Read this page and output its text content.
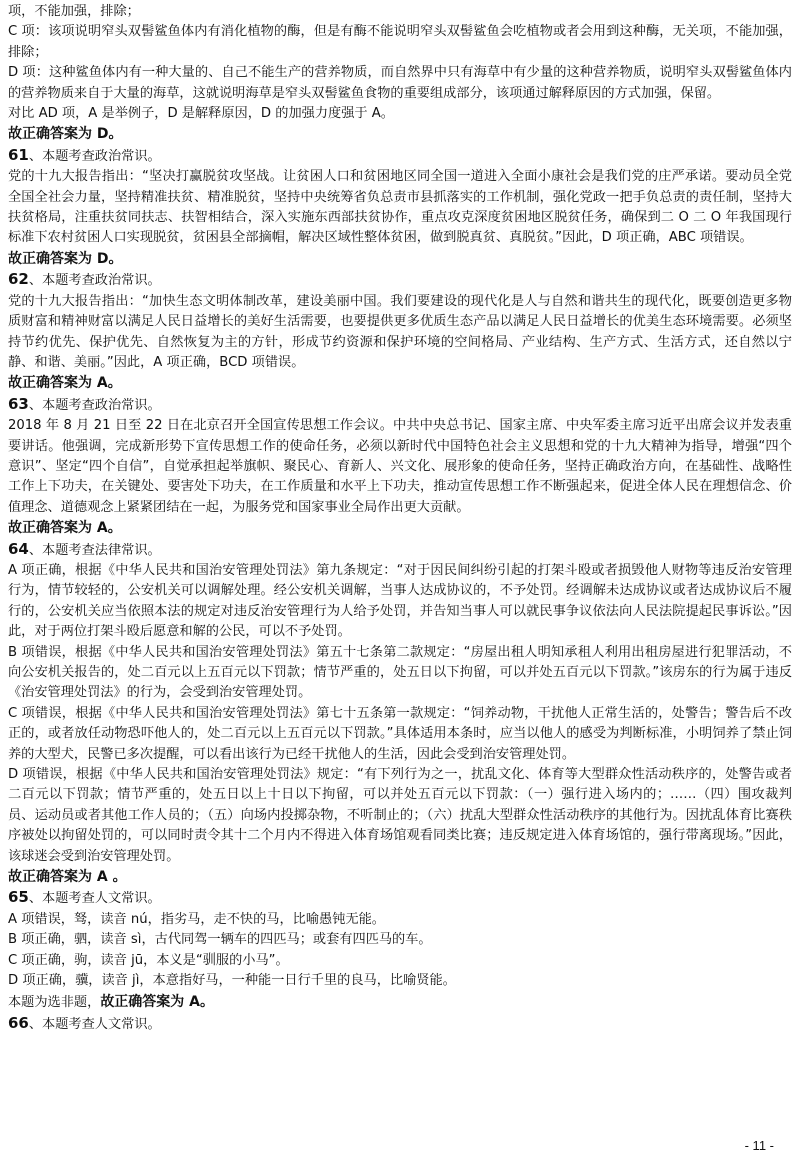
项，不能加强，排除；

C 项：该项说明窄头双髻鲨鱼体内有消化植物的酶，但是有酶不能说明窄头双髻鲨鱼会吃植物或者会用到这种酶，无关项，不能加强，排除；

D 项：这种鲨鱼体内有一种大量的、自己不能生产的营养物质，而自然界中只有海草中有少量的这种营养物质，说明窄头双髻鲨鱼体内的营养物质来自于大量的海草，这就说明海草是窄头双髻鲨鱼食物的重要组成部分，该项通过解释原因的方式加强，保留。

对比 AD 项，A 是举例子，D 是解释原因，D 的加强力度强于 A。

故正确答案为 D。

61、本题考查政治常识。

党的十九大报告指出：“坚决打赢脱贫攻坚战。让贫困人口和贫困地区同全国一道进入全面小康社会是我们党的庄严承诺。要动员全党全国全社会力量，坚持精准扶贫、精准脱贫，坚持中央统筹省负总责市县抓落实的工作机制，强化党政一把手负总责的责任制，坚持大扶贫格局，注重扶贫同扶志、扶智相结合，深入实施东西部扶贫协作，重点攻克深度贫困地区脱贫任务，确保到二 O 二 O 年我国现行标准下农村贫困人口实现脱贫，贫困县全部摘帽，解决区域性整体贫困，做到脱真贫、真脱贫。”因此，D 项正确，ABC 项错误。

故正确答案为 D。

62、本题考查政治常识。

党的十九大报告指出：“加快生态文明体制改革，建设美丽中国。我们要建设的现代化是人与自然和谐共生的现代化，既要创造更多物质财富和精神财富以满足人民日益增长的美好生活需要，也要提供更多优质生态产品以满足人民日益增长的优美生态环境需要。必须坚持节约优先、保护优先、自然恢复为主的方针，形成节约资源和保护环境的空间格局、产业结构、生产方式、生活方式，还自然以宁静、和谐、美丽。”因此，A 项正确，BCD 项错误。

故正确答案为 A。

63、本题考查政治常识。

2018 年 8 月 21 日至 22 日在北京召开全国宣传思想工作会议。中共中央总书记、国家主席、中央军委主席习近平出席会议并发表重要讲话。他强调，完成新形势下宣传思想工作的使命任务，必须以新时代中国特色社会主义思想和党的十九大精神为指导，增强“四个意识”、坚定“四个自信”，自觉承担起举旗帜、聚民心、育新人、兴文化、展形象的使命任务，坚持正确政治方向，在基础性、战略性工作上下功夫，在关键处、要害处下功夫，在工作质量和水平上下功夫，推动宣传思想工作不断强起来，促进全体人民在理想信念、价值理念、道德观念上紧紧团结在一起，为服务党和国家事业全局作出更大贡献。

故正确答案为 A。

64、本题考查法律常识。

A 项正确，根据《中华人民共和国治安管理处罚法》第九条规定：“对于因民间纠纷引起的打架斗殴或者损毁他人财物等违反治安管理行为，情节较轻的，公安机关可以调解处理。经公安机关调解，当事人达成协议的，不予处罚。经调解未达成协议或者达成协议后不履行的，公安机关应当依照本法的规定对违反治安管理行为人给予处罚，并告知当事人可以就民事争议依法向人民法院提起民事诉讼。”因此，对于两位打架斗殴后愿意和解的公民，可以不予处罚。

B 项错误，根据《中华人民共和国治安管理处罚法》第五十七条第二款规定：“房屋出租人明知承租人利用出租房屋进行犯罪活动，不向公安机关报告的，处二百元以上五百元以下罚款；情节严重的，处五日以下拘留，可以并处五百元以下罚款。”该房东的行为属于违反《治安管理处罚法》的行为，会受到治安管理处罚。

C 项错误，根据《中华人民共和国治安管理处罚法》第七十五条第一款规定：“饲养动物，干扰他人正常生活的，处警告；警告后不改正的，或者放任动物恐吓他人的，处二百元以上五百元以下罚款。”具体适用本条时，应当以他人的感受为判断标准，小明饲养了禁止饲养的大型犬，民警已多次提醒，可以看出该行为已经干扰他人的生活，因此会受到治安管理处罚。

D 项错误，根据《中华人民共和国治安管理处罚法》规定：“有下列行为之一，扰乱文化、体育等大型群众性活动秩序的，处警告或者二百元以下罚款；情节严重的，处五日以上十日以下拘留，可以并处五百元以下罚款：（一）强行进入场内的；……（四）围攻裁判员、运动员或者其他工作人员的；（五）向场内投掷杂物，不听制止的；（六）扰乱大型群众性活动秩序的其他行为。因扰乱体育比赛秩序被处以拘留处罚的，可以同时责令其十二个月内不得进入体育场馆观看同类比赛；违反规定进入体育场馆的，强行带离现场。”因此，该球迷会受到治安管理处罚。

故正确答案为 A 。

65、本题考查人文常识。

A 项错误，驽，读音 nú，指劣马，走不快的马，比喻愚钝无能。

B 项正确，驷，读音 sì，古代同驾一辆车的四匹马；或套有四匹马的车。

C 项正确，驹，读音 jū，本义是“驯服的小马”。

D 项正确，骥，读音 jì，本意指好马，一种能一日行千里的良马，比喻贤能。

本题为选非题，故正确答案为 A。

66、本题考查人文常识。

- 11 -
